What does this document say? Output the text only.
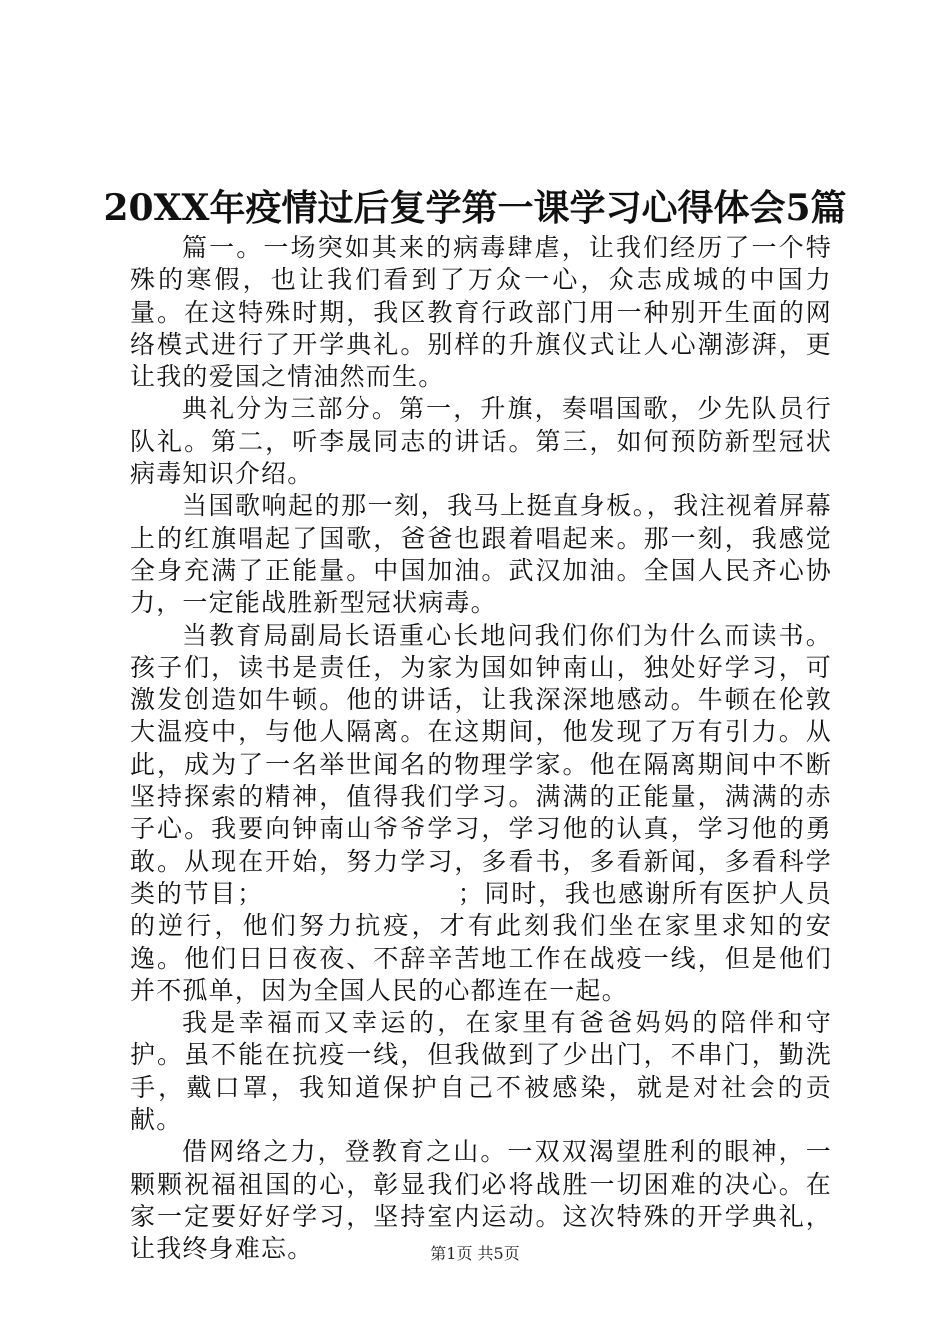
20XX年疫情过后复学第一课学习心得体会5篇

篇一。一场突如其来的病毒肆虐，让我们经历了一个特殊的寒假，也让我们看到了万众一心，众志成城的中国力量。在这特殊时期，我区教育行政部门用一种别开生面的网络模式进行了开学典礼。别样的升旗仪式让人心潮澎湃，更让我的爱国之情油然而生。

典礼分为三部分。第一，升旗，奏唱国歌，少先队员行队礼。第二，听李晟同志的讲话。第三，如何预防新型冠状病毒知识介绍。

当国歌响起的那一刻，我马上挺直身板。，我注视着屏幕上的红旗唱起了国歌，爸爸也跟着唱起来。那一刻，我感觉全身充满了正能量。中国加油。武汉加油。全国人民齐心协力，一定能战胜新型冠状病毒。

当教育局副局长语重心长地问我们你们为什么而读书。孩子们，读书是责任，为家为国如钟南山，独处好学习，可激发创造如牛顿。他的讲话，让我深深地感动。牛顿在伦敦大温疫中，与他人隔离。在这期间，他发现了万有引力。从此，成为了一名举世闻名的物理学家。他在隔离期间中不断坚持探索的精神，值得我们学习。满满的正能量，满满的赤子心。我要向钟南山爷爷学习，学习他的认真，学习他的勇敢。从现在开始，努力学习，多看书，多看新闻，多看科学类的节目；                    ；同时，我也感谢所有医护人员的逆行，他们努力抗疫，才有此刻我们坐在家里求知的安逸。他们日日夜夜、不辞辛苦地工作在战疫一线，但是他们并不孤单，因为全国人民的心都连在一起。

我是幸福而又幸运的，在家里有爸爸妈妈的陪伴和守护。虽不能在抗疫一线，但我做到了少出门，不串门，勤洗手，戴口罩，我知道保护自己不被感染，就是对社会的贡献。

借网络之力，登教育之山。一双双渴望胜利的眼神，一颗颗祝福祖国的心，彰显我们必将战胜一切困难的决心。在家一定要好好学习，坚持室内运动。这次特殊的开学典礼，让我终身难忘。	第1页 共5页
